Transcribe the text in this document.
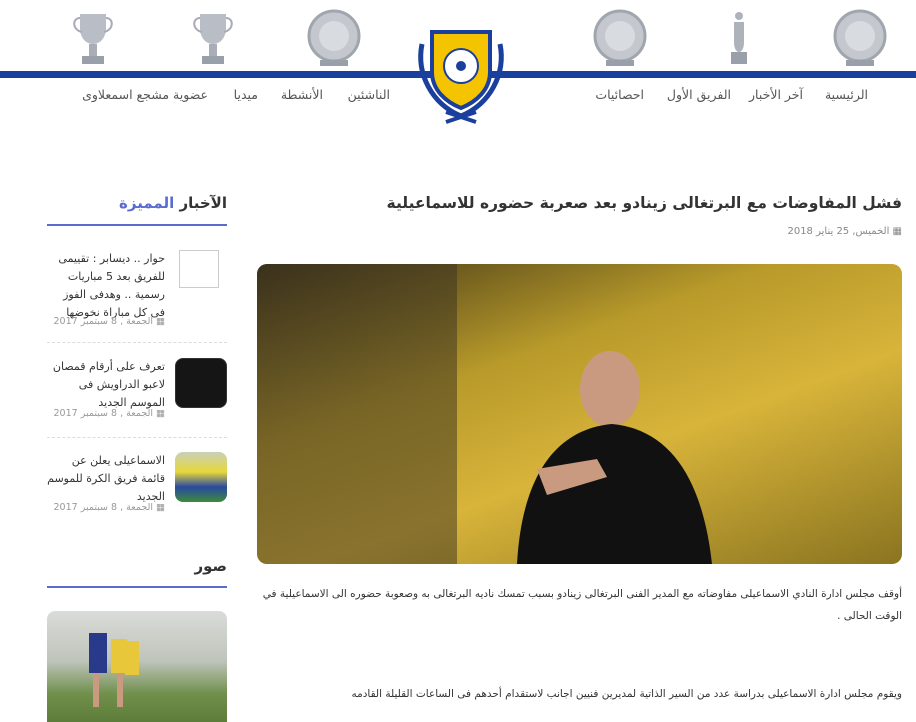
الرئيسية
آخر الأخبار
الفريق الأول
احصائيات
الناشئين
الأنشطة
ميديا
عضوية مشجع اسمعلاوى
فشل المفاوضات مع البرتغالى زينادو بعد صعربة حضوره للاسماعيلية
▦ الخميس, 25 يناير 2018

أوقف مجلس ادارة النادي الاسماعيلى مفاوضاته مع المدير الفنى البرتغالى زينادو بسبب تمسك ناديه البرتغالى به وصعوبة حضوره الى الاسماعيلية في الوقت الحالى .

ويقوم مجلس ادارة الاسماعيلى بدراسة عدد من السير الذاتية لمديرين فنيين اجانب لاستقدام أحدهم فى الساعات القليلة القادمه

الآخبار المميزة
حوار .. ديسابر : تقييمى للفريق بعد 5 مباريات رسمية .. وهدفى الفوز فى كل مباراة نخوضها
▦ الجمعة , 8 سبتمبر 2017
تعرف على أرقام قمصان لاعبو الدراويش فى الموسم الجديد
▦ الجمعة , 8 سبتمبر 2017
الاسماعيلى يعلن عن قائمة فريق الكرة للموسم الجديد
▦ الجمعة , 8 سبتمبر 2017
صور
